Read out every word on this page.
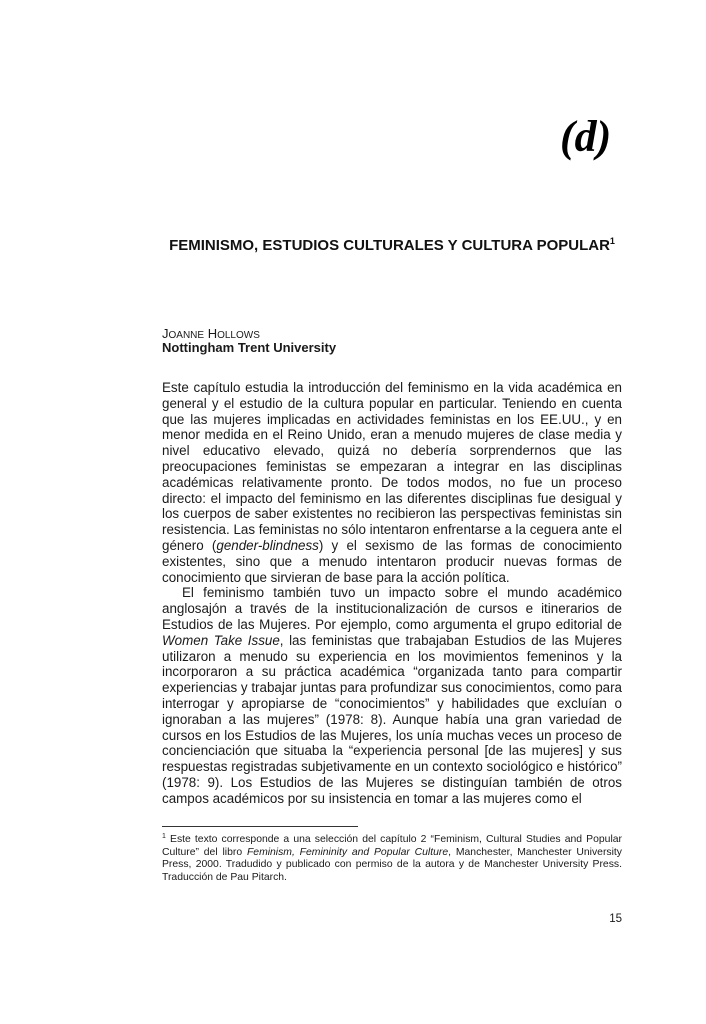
(d)
FEMINISMO, ESTUDIOS CULTURALES Y CULTURA POPULAR$^1$
JOANNE HOLLOWS
Nottingham Trent University

Este capítulo estudia la introducción del feminismo en la vida académica en general y el estudio de la cultura popular en particular. Teniendo en cuenta que las mujeres implicadas en actividades feministas en los EE.UU., y en menor medida en el Reino Unido, eran a menudo mujeres de clase media y nivel educativo elevado, quizá no debería sorprendernos que las preocupaciones feministas se empezaran a integrar en las disciplinas académicas relativamente pronto. De todos modos, no fue un proceso directo: el impacto del feminismo en las diferentes disciplinas fue desigual y los cuerpos de saber existentes no recibieron las perspectivas feministas sin resistencia. Las feministas no sólo intentaron enfrentarse a la ceguera ante el género (gender-blindness) y el sexismo de las formas de conocimiento existentes, sino que a menudo intentaron producir nuevas formas de conocimiento que sirvieran de base para la acción política.

El feminismo también tuvo un impacto sobre el mundo académico anglosajón a través de la institucionalización de cursos e itinerarios de Estudios de las Mujeres. Por ejemplo, como argumenta el grupo editorial de Women Take Issue, las feministas que trabajaban Estudios de las Mujeres utilizaron a menudo su experiencia en los movimientos femeninos y la incorporaron a su práctica académica “organizada tanto para compartir experiencias y trabajar juntas para profundizar sus conocimientos, como para interrogar y apropiarse de “conocimientos” y habilidades que excluían o ignoraban a las mujeres” (1978: 8). Aunque había una gran variedad de cursos en los Estudios de las Mujeres, los unía muchas veces un proceso de concienciación que situaba la “experiencia personal [de las mujeres] y sus respuestas registradas subjetivamente en un contexto sociológico e histórico” (1978: 9). Los Estudios de las Mujeres se distinguían también de otros campos académicos por su insistencia en tomar a las mujeres como el

$^1$ Este texto corresponde a una selección del capítulo 2 “Feminism, Cultural Studies and Popular Culture” del libro Feminism, Femininity and Popular Culture, Manchester, Manchester University Press, 2000. Tradudido y publicado con permiso de la autora y de Manchester University Press. Traducción de Pau Pitarch.
15
